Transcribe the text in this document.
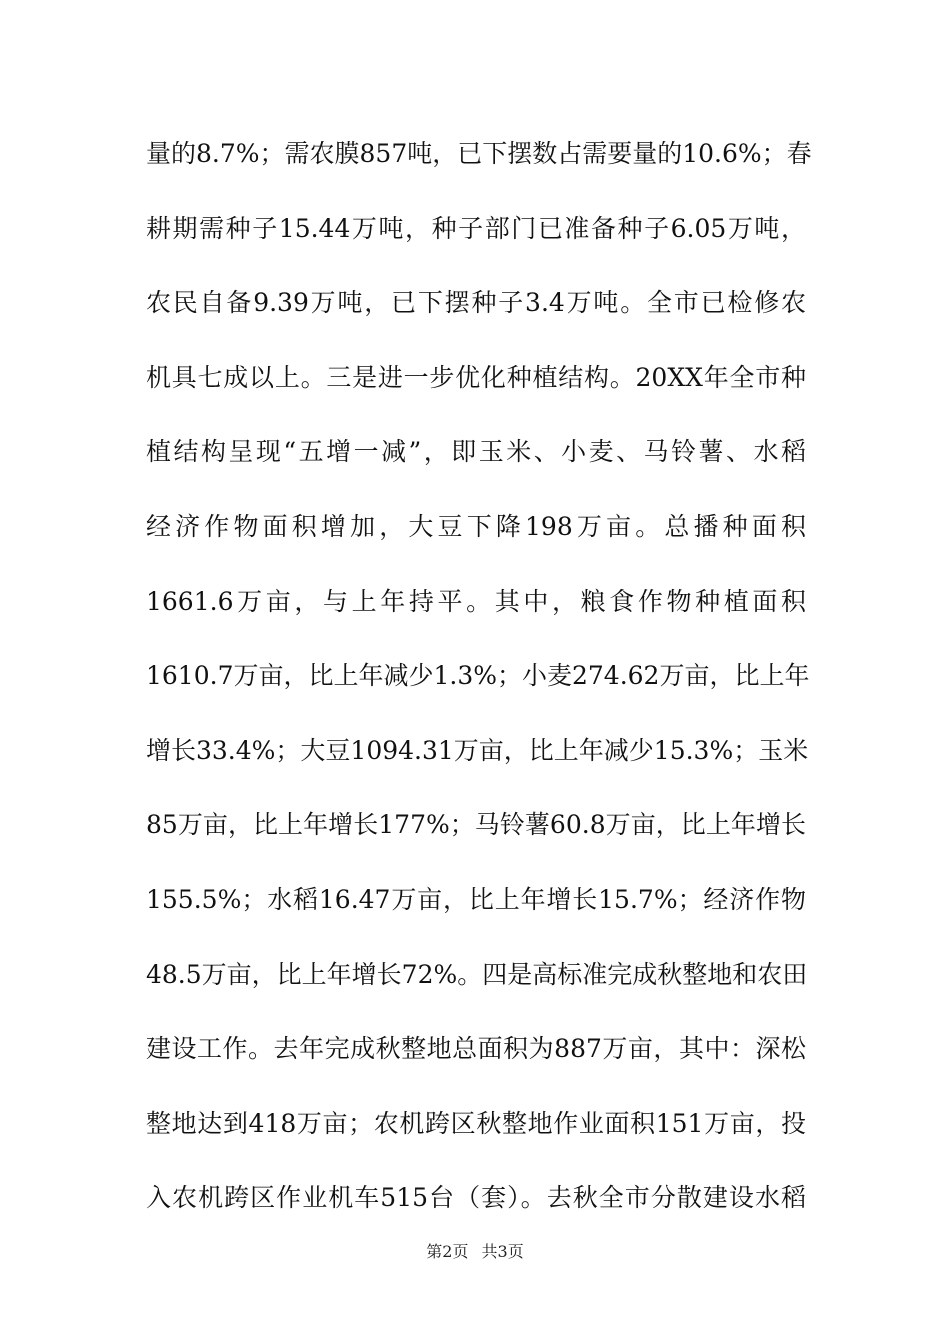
量的8.7%；需农膜857吨，已下摆数占需要量的10.6%；春
耕期需种子15.44万吨，种子部门已准备种子6.05万吨，
农民自备9.39万吨，已下摆种子3.4万吨。全市已检修农
机具七成以上。三是进一步优化种植结构。20XX年全市种
植结构呈现“五增一减”，即玉米、小麦、马铃薯、水稻
经济作物面积增加，大豆下降198万亩。总播种面积
1661.6万亩，与上年持平。其中，粮食作物种植面积
1610.7万亩，比上年减少1.3%；小麦274.62万亩，比上年
增长33.4%；大豆1094.31万亩，比上年减少15.3%；玉米
85万亩，比上年增长177%；马铃薯60.8万亩，比上年增长
155.5%；水稻16.47万亩，比上年增长15.7%；经济作物
48.5万亩，比上年增长72%。四是高标准完成秋整地和农田
建设工作。去年完成秋整地总面积为887万亩，其中：深松
整地达到418万亩；农机跨区秋整地作业面积151万亩，投
入农机跨区作业机车515台（套）。去秋全市分散建设水稻
第2页 共3页
